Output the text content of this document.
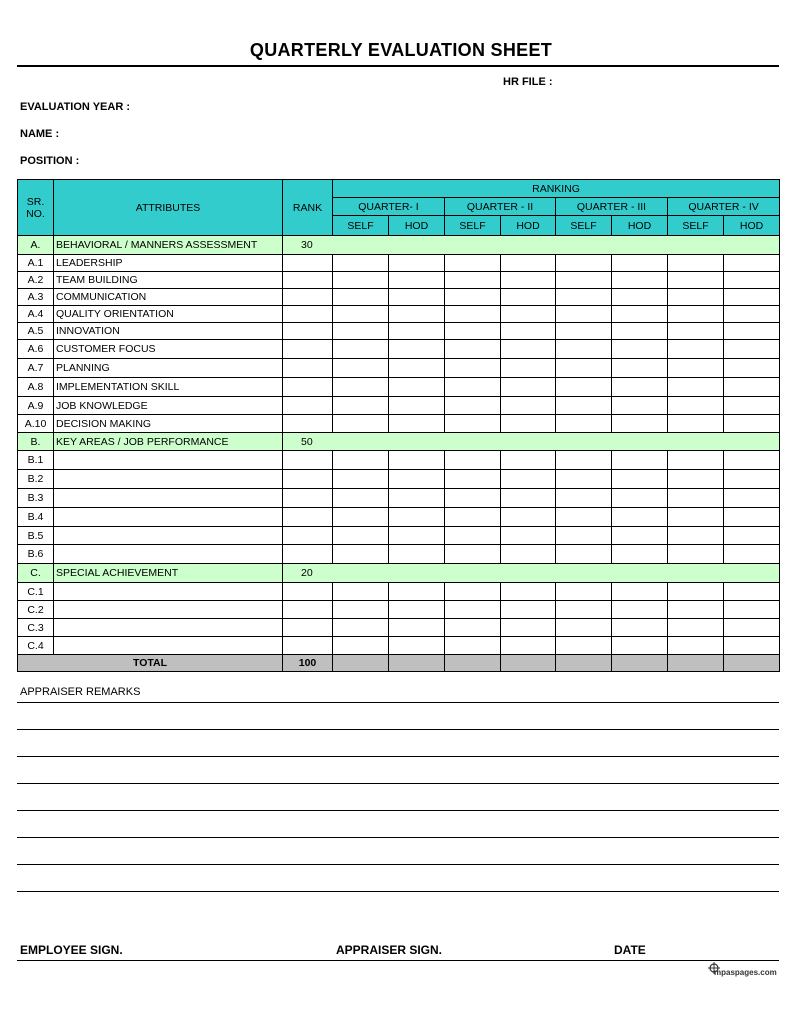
QUARTERLY EVALUATION SHEET
HR FILE :
EVALUATION YEAR :
NAME :
POSITION :
SR.
NO.	ATTRIBUTES	RANK	RANKING							
			QUARTER- I		QUARTER - II		QUARTER - III		QUARTER - IV	
			SELF	HOD	SELF	HOD	SELF	HOD	SELF	HOD
A.	BEHAVIORAL / MANNERS ASSESSMENT	30								
A.1	LEADERSHIP									
A.2	TEAM BUILDING									
A.3	COMMUNICATION									
A.4	QUALITY ORIENTATION									
A.5	INNOVATION									
A.6	CUSTOMER FOCUS									
A.7	PLANNING									
A.8	IMPLEMENTATION SKILL									
A.9	JOB KNOWLEDGE									
A.10	DECISION MAKING									
B.	KEY AREAS / JOB PERFORMANCE	50								
B.1										
B.2										
B.3										
B.4										
B.5										
B.6										
C.	SPECIAL ACHIEVEMENT	20								
C.1										
C.2										
C.3										
C.4										
TOTAL		100								
APPRAISER REMARKS
EMPLOYEE SIGN.	APPRAISER SIGN.	DATE
mpaspages.com
